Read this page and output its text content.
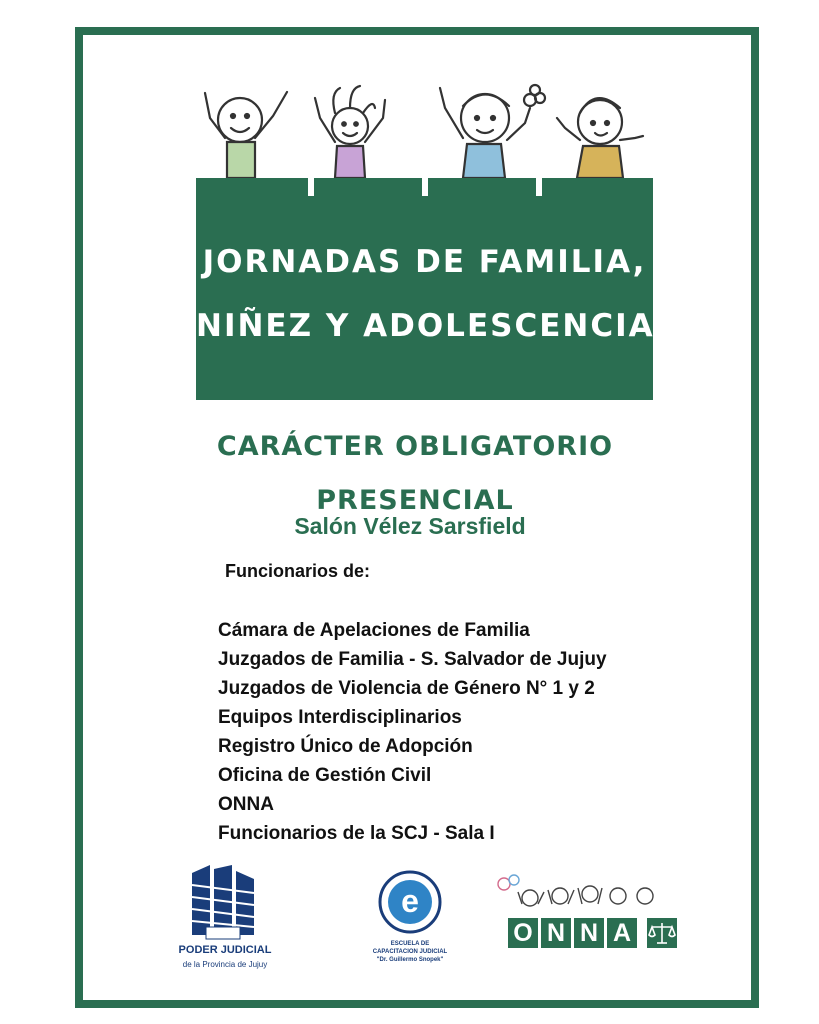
JORNADAS DE FAMILIA,
NIÑEZ Y ADOLESCENCIA
CARÁCTER OBLIGATORIO
PRESENCIAL
Salón Vélez Sarsfield
Funcionarios de:
Cámara de Apelaciones de Familia
Juzgados de Familia - S. Salvador de Jujuy
Juzgados de Violencia de Género N° 1 y 2
Equipos Interdisciplinarios
Registro Único de Adopción
Oficina de Gestión Civil
ONNA
Funcionarios de la SCJ - Sala I
PODER JUDICIAL
de la Provincia de Jujuy
e
ESCUELA DE
CAPACITACION JUDICIAL
"Dr. Guillermo Snopek"
O N N A
